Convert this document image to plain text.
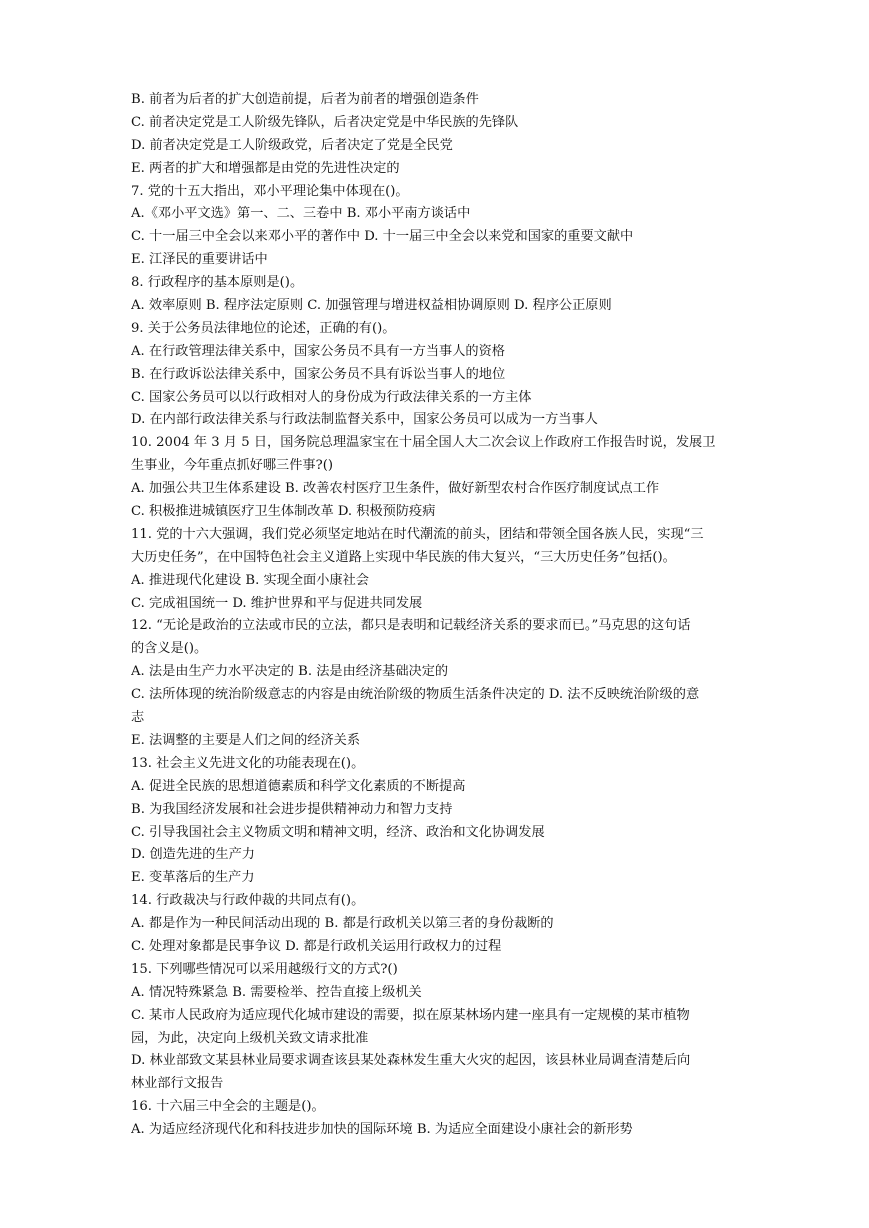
B. 前者为后者的扩大创造前提，后者为前者的增强创造条件
C. 前者决定党是工人阶级先锋队，后者决定党是中华民族的先锋队
D. 前者决定党是工人阶级政党，后者决定了党是全民党
E. 两者的扩大和增强都是由党的先进性决定的
7. 党的十五大指出，邓小平理论集中体现在()。
A.《邓小平文选》第一、二、三卷中 B. 邓小平南方谈话中
C. 十一届三中全会以来邓小平的著作中 D. 十一届三中全会以来党和国家的重要文献中
E. 江泽民的重要讲话中
8. 行政程序的基本原则是()。
A. 效率原则 B. 程序法定原则 C. 加强管理与增进权益相协调原则 D. 程序公正原则
9. 关于公务员法律地位的论述，正确的有()。
A. 在行政管理法律关系中，国家公务员不具有一方当事人的资格
B. 在行政诉讼法律关系中，国家公务员不具有诉讼当事人的地位
C. 国家公务员可以以行政相对人的身份成为行政法律关系的一方主体
D. 在内部行政法律关系与行政法制监督关系中，国家公务员可以成为一方当事人
10. 2004 年 3 月 5 日，国务院总理温家宝在十届全国人大二次会议上作政府工作报告时说，发展卫
生事业，今年重点抓好哪三件事?()
A. 加强公共卫生体系建设 B. 改善农村医疗卫生条件，做好新型农村合作医疗制度试点工作
C. 积极推进城镇医疗卫生体制改革 D. 积极预防疫病
11. 党的十六大强调，我们党必须坚定地站在时代潮流的前头，团结和带领全国各族人民，实现“三
大历史任务”，在中国特色社会主义道路上实现中华民族的伟大复兴，“三大历史任务”包括()。
A. 推进现代化建设 B. 实现全面小康社会
C. 完成祖国统一 D. 维护世界和平与促进共同发展
12. “无论是政治的立法或市民的立法，都只是表明和记载经济关系的要求而已。”马克思的这句话
的含义是()。
A. 法是由生产力水平决定的 B. 法是由经济基础决定的
C. 法所体现的统治阶级意志的内容是由统治阶级的物质生活条件决定的 D. 法不反映统治阶级的意
志
E. 法调整的主要是人们之间的经济关系
13. 社会主义先进文化的功能表现在()。
A. 促进全民族的思想道德素质和科学文化素质的不断提高
B. 为我国经济发展和社会进步提供精神动力和智力支持
C. 引导我国社会主义物质文明和精神文明，经济、政治和文化协调发展
D. 创造先进的生产力
E. 变革落后的生产力
14. 行政裁决与行政仲裁的共同点有()。
A. 都是作为一种民间活动出现的 B. 都是行政机关以第三者的身份裁断的
C. 处理对象都是民事争议 D. 都是行政机关运用行政权力的过程
15. 下列哪些情况可以采用越级行文的方式?()
A. 情况特殊紧急 B. 需要检举、控告直接上级机关
C. 某市人民政府为适应现代化城市建设的需要，拟在原某林场内建一座具有一定规模的某市植物
园，为此，决定向上级机关致文请求批准
D. 林业部致文某县林业局要求调查该县某处森林发生重大火灾的起因，该县林业局调查清楚后向
林业部行文报告
16. 十六届三中全会的主题是()。
A. 为适应经济现代化和科技进步加快的国际环境 B. 为适应全面建设小康社会的新形势
